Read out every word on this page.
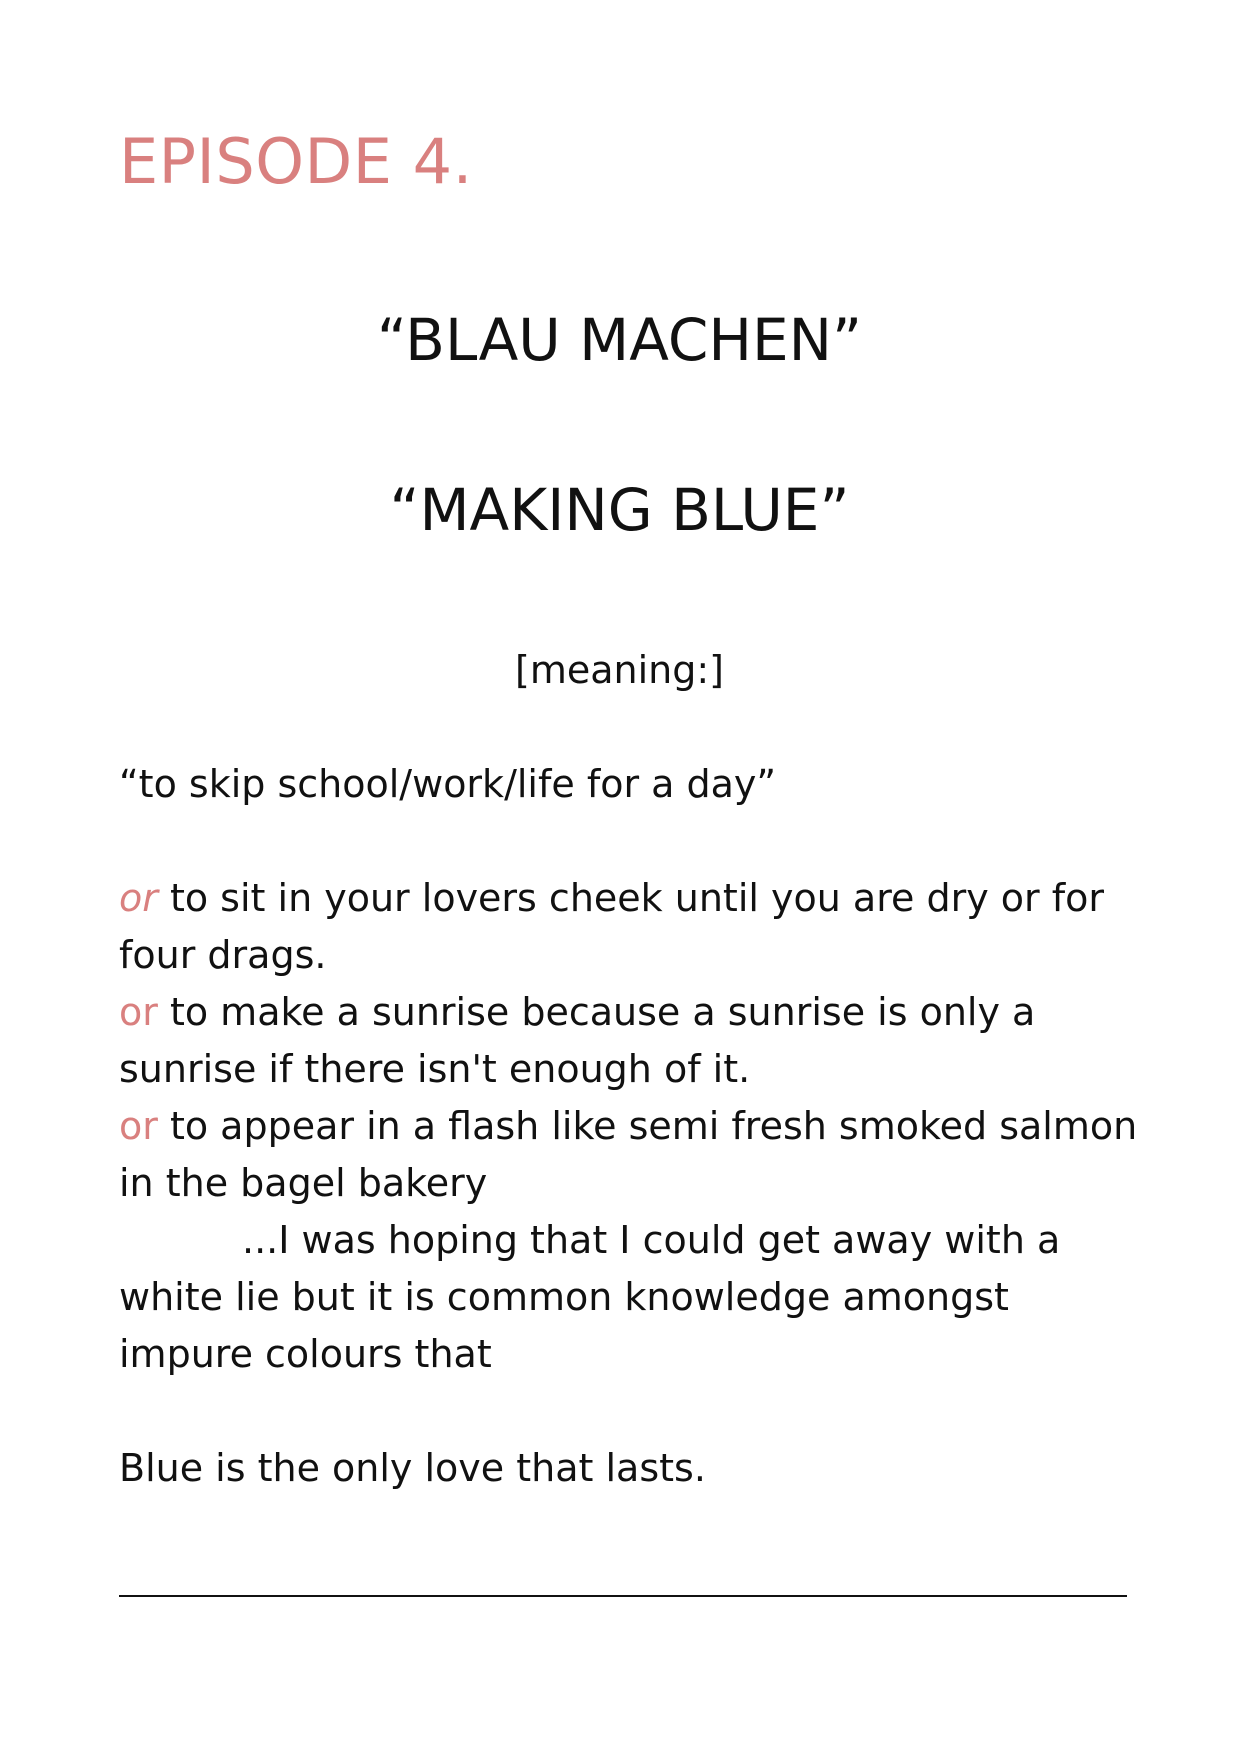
EPISODE 4.
“BLAU MACHEN”
“MAKING BLUE”

[meaning:]

“to skip school/work/life for a day”

or to sit in your lovers cheek until you are dry or for

four drags.

or to make a sunrise because a sunrise is only a

sunrise if there isn't enough of it.

or to appear in a flash like semi fresh smoked salmon

in the bagel bakery

...I was hoping that I could get away with a

white lie but it is common knowledge amongst

impure colours that

Blue is the only love that lasts.
